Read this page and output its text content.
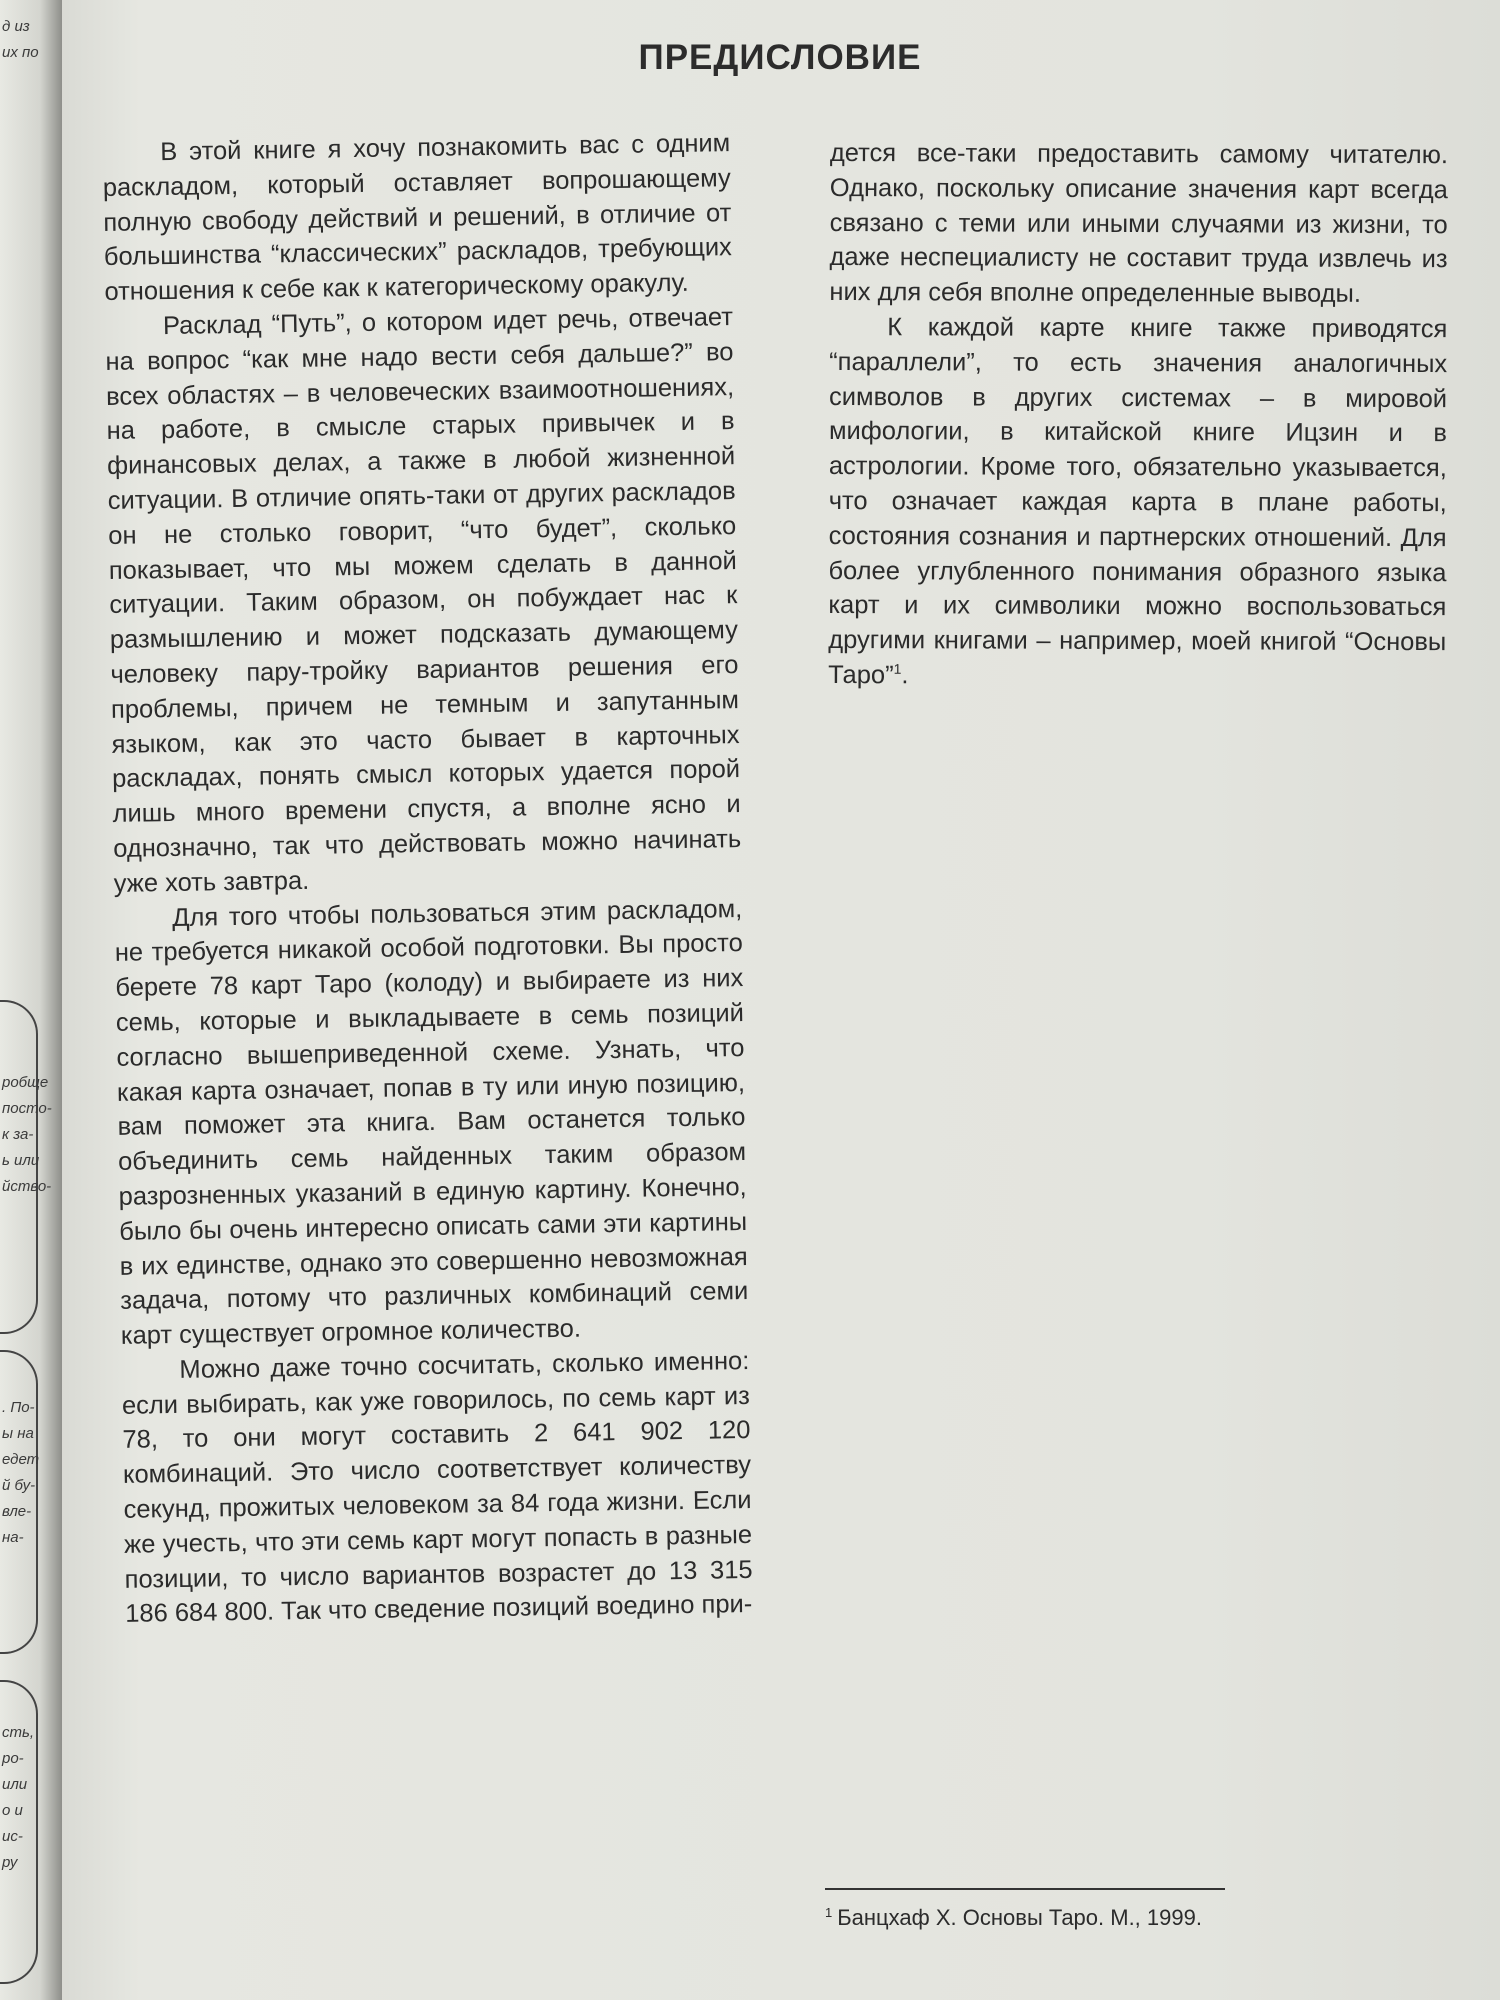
д из
их по
робще
посто-
к за-
ь или
йство-
. По-
ы на
едет
й бу-
вле-
на-
сть,
ро-
или
о и
ис-
ру
ПРЕДИСЛОВИЕ

В этой книге я хочу познакомить вас с одним раскладом, который оставляет вопрошающему полную свободу действий и решений, в отличие от большинства “классических” раскладов, требующих отношения к себе как к категорическому оракулу.

Расклад “Путь”, о котором идет речь, отвечает на вопрос “как мне надо вести себя дальше?” во всех областях – в человеческих взаимоотношениях, на работе, в смысле старых привычек и в финансовых делах, а также в любой жизненной ситуации. В отличие опять-таки от других раскладов он не столько говорит, “что будет”, сколько показывает, что мы можем сделать в данной ситуации. Таким образом, он побуждает нас к размышлению и может подсказать думающему человеку пару-тройку вариантов решения его проблемы, причем не темным и запутанным языком, как это часто бывает в карточных раскладах, понять смысл которых удается порой лишь много времени спустя, а вполне ясно и однозначно, так что действовать можно начинать уже хоть завтра.

Для того чтобы пользоваться этим раскладом, не требуется никакой особой подготовки. Вы просто берете 78 карт Таро (колоду) и выбираете из них семь, которые и выкладываете в семь позиций согласно вышеприведенной схеме. Узнать, что какая карта означает, попав в ту или иную позицию, вам поможет эта книга. Вам останется только объединить семь найденных таким образом разрозненных указаний в единую картину. Конечно, было бы очень интересно описать сами эти картины в их единстве, однако это совершенно невозможная задача, потому что различных комбинаций семи карт существует огромное количество.

Можно даже точно сосчитать, сколько именно: если выбирать, как уже говорилось, по семь карт из 78, то они могут составить 2 641 902 120 комбинаций. Это число соответствует количеству секунд, прожитых человеком за 84 года жизни. Если же учесть, что эти семь карт могут попасть в разные позиции, то число вариантов возрастет до 13 315 186 684 800. Так что сведение позиций воедино при-

дется все-таки предоставить самому читателю. Однако, поскольку описание значения карт всегда связано с теми или иными случаями из жизни, то даже неспециалисту не составит труда извлечь из них для себя вполне определенные выводы.

К каждой карте книге также приводятся “параллели”, то есть значения аналогичных символов в других системах – в мировой мифологии, в китайской книге Ицзин и в астрологии. Кроме того, обязательно указывается, что означает каждая карта в плане работы, состояния сознания и партнерских отношений. Для более углубленного понимания образного языка карт и их символики можно воспользоваться другими книгами – например, моей книгой “Основы Таро”$^1$.

$^1$ Банцхаф Х. Основы Таро. М., 1999.
